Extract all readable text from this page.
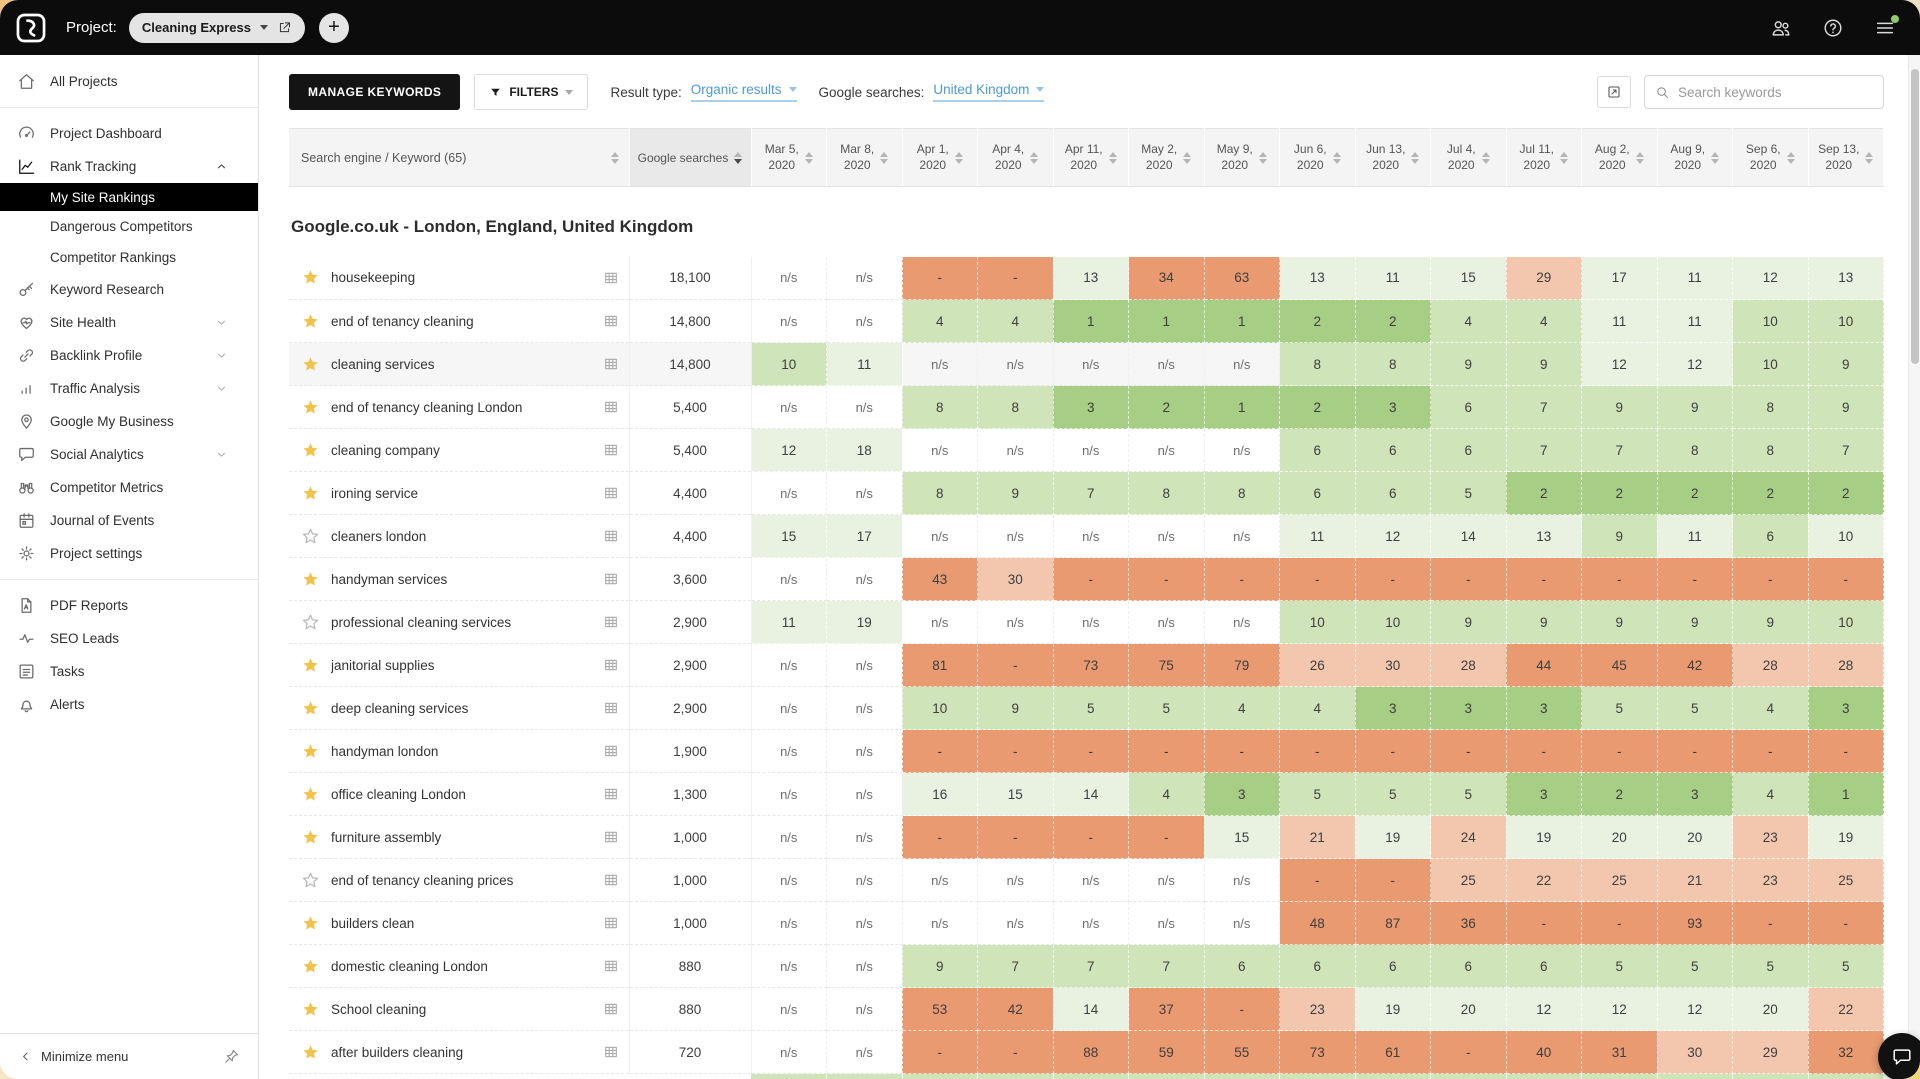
Project: Cleaning Express	+
All Projects
Project Dashboard
Rank Tracking
My Site Rankings
Dangerous Competitors
Competitor Rankings
Keyword Research
Site Health
Backlink Profile
Traffic Analysis
Google My Business
Social Analytics
Competitor Metrics
Journal of Events
Project settings
PDF Reports
SEO Leads
Tasks
Alerts
Minimize menu
MANAGE KEYWORDS	FILTERS	Result type: Organic results	Google searches: United Kingdom
Search keywords
Search engine / Keyword (65)	Google searches	Mar 5,
2020	Mar 8,
2020	Apr 1,
2020	Apr 4,
2020	Apr 11,
2020	May 2,
2020	May 9,
2020	Jun 6,
2020	Jun 13,
2020	Jul 4,
2020	Jul 11,
2020	Aug 2,
2020	Aug 9,
2020	Sep 6,
2020	Sep 13,
2020

Google.co.uk - London, England, United Kingdom																

housekeeping	18,100	n/s	n/s	-	-	13	34	63	13	11	15	29	17	11	12	13

end of tenancy cleaning	14,800	n/s	n/s	4	4	1	1	1	2	2	4	4	11	11	10	10

cleaning services	14,800	10	11	n/s	n/s	n/s	n/s	n/s	8	8	9	9	12	12	10	9

end of tenancy cleaning London	5,400	n/s	n/s	8	8	3	2	1	2	3	6	7	9	9	8	9

cleaning company	5,400	12	18	n/s	n/s	n/s	n/s	n/s	6	6	6	7	7	8	8	7

ironing service	4,400	n/s	n/s	8	9	7	8	8	6	6	5	2	2	2	2	2

cleaners london	4,400	15	17	n/s	n/s	n/s	n/s	n/s	11	12	14	13	9	11	6	10

handyman services	3,600	n/s	n/s	43	30	-	-	-	-	-	-	-	-	-	-	-

professional cleaning services	2,900	11	19	n/s	n/s	n/s	n/s	n/s	10	10	9	9	9	9	9	10

janitorial supplies	2,900	n/s	n/s	81	-	73	75	79	26	30	28	44	45	42	28	28

deep cleaning services	2,900	n/s	n/s	10	9	5	5	4	4	3	3	3	5	5	4	3

handyman london	1,900	n/s	n/s	-	-	-	-	-	-	-	-	-	-	-	-	-

office cleaning London	1,300	n/s	n/s	16	15	14	4	3	5	5	5	3	2	3	4	1

furniture assembly	1,000	n/s	n/s	-	-	-	-	15	21	19	24	19	20	20	23	19

end of tenancy cleaning prices	1,000	n/s	n/s	n/s	n/s	n/s	n/s	n/s	-	-	25	22	25	21	23	25

builders clean	1,000	n/s	n/s	n/s	n/s	n/s	n/s	n/s	48	87	36	-	-	93	-	-

domestic cleaning London	880	n/s	n/s	9	7	7	7	6	6	6	6	6	5	5	5	5

School cleaning	880	n/s	n/s	53	42	14	37	-	23	19	20	12	12	12	20	22

after builders cleaning	720	n/s	n/s	-	-	88	59	55	73	61	-	40	31	30	29	32
